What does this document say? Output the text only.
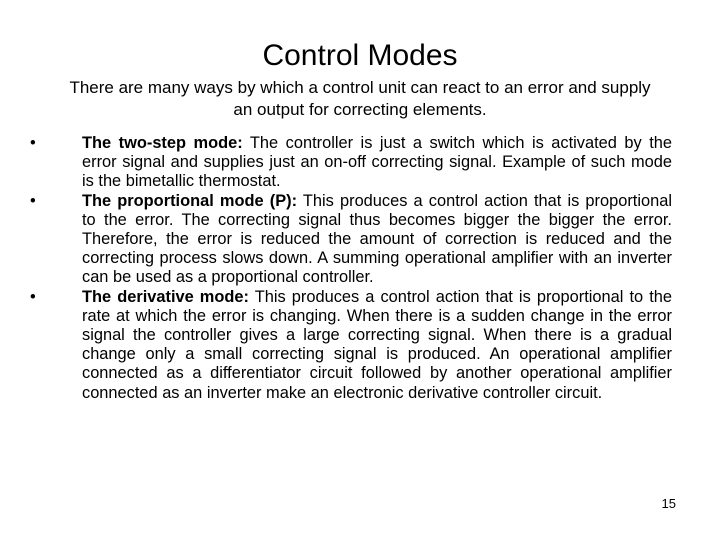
Control Modes
There are many ways by which a control unit can react to an error and supply an output for correcting elements.
•	The two-step mode: The controller is just a switch which is activated by the error signal and supplies just an on-off correcting signal. Example of such mode is the bimetallic thermostat.
•	The proportional mode (P): This produces a control action that is proportional to the error. The correcting signal thus becomes bigger the bigger the error. Therefore, the error is reduced the amount of correction is reduced and the correcting process slows down. A summing operational amplifier with an inverter can be used as a proportional controller.
•	The derivative mode: This produces a control action that is proportional to the rate at which the error is changing. When there is a sudden change in the error signal the controller gives a large correcting signal. When there is a gradual change only a small correcting signal is produced. An operational amplifier connected as a differentiator circuit followed by another operational amplifier connected as an inverter make an electronic derivative controller circuit.
15
